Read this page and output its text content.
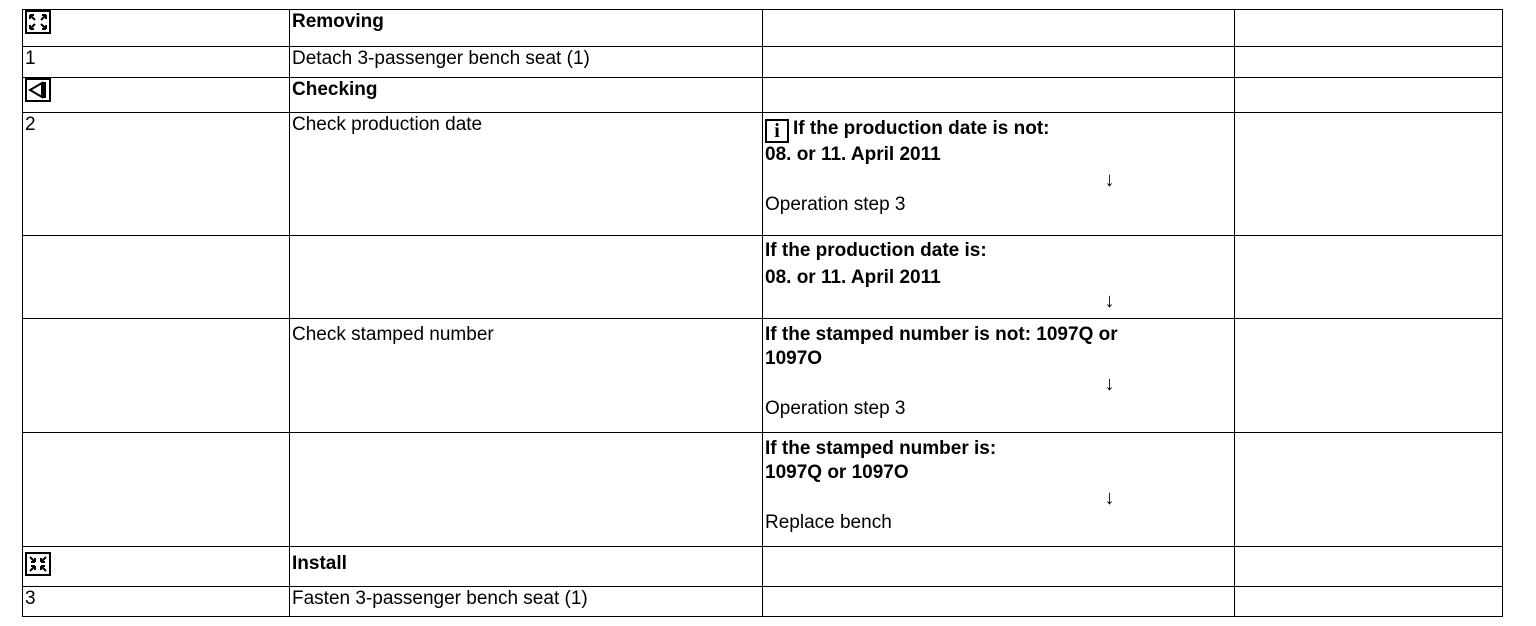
	Removing		
1	Detach 3-passenger bench seat (1)		
	Checking		
2	Check production date	i If the production date is not:
08. or 11. April 2011
↓
Operation step 3	

		If the production date is:
08. or 11. April 2011
↓	

	Check stamped number	If the stamped number is not: 1097Q or
1097O
↓
Operation step 3	

		If the stamped number is:
1097Q or 1097O
↓
Replace bench	

	Install		
3	Fasten 3-passenger bench seat (1)		
